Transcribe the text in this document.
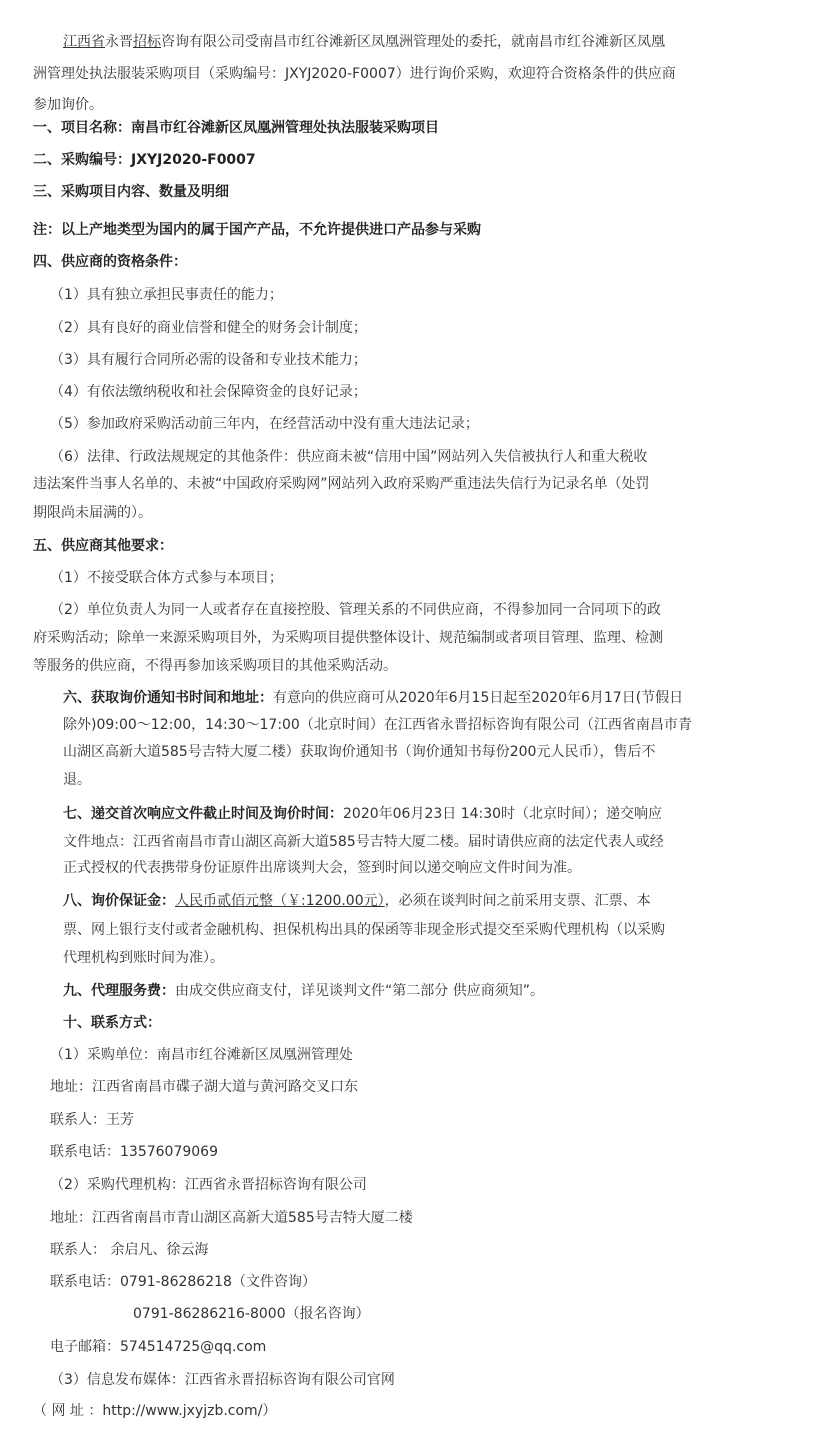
江西省永晋招标咨询有限公司受南昌市红谷滩新区凤凰洲管理处的委托，就南昌市红谷滩新区凤凰
洲管理处执法服装采购项目（采购编号：JXYJ2020-F0007）进行询价采购，欢迎符合资格条件的供应商
参加询价。
一、项目名称：南昌市红谷滩新区凤凰洲管理处执法服装采购项目
二、采购编号：JXYJ2020-F0007
三、采购项目内容、数量及明细
注：以上产地类型为国内的属于国产产品，不允许提供进口产品参与采购
四、供应商的资格条件：
（1）具有独立承担民事责任的能力；
（2）具有良好的商业信誉和健全的财务会计制度；
（3）具有履行合同所必需的设备和专业技术能力；
（4）有依法缴纳税收和社会保障资金的良好记录；
（5）参加政府采购活动前三年内，在经营活动中没有重大违法记录；
（6）法律、行政法规规定的其他条件：供应商未被“信用中国”网站列入失信被执行人和重大税收
违法案件当事人名单的、未被“中国政府采购网”网站列入政府采购严重违法失信行为记录名单（处罚
期限尚未届满的）。
五、供应商其他要求：
（1）不接受联合体方式参与本项目；
（2）单位负责人为同一人或者存在直接控股、管理关系的不同供应商，不得参加同一合同项下的政
府采购活动；除单一来源采购项目外，为采购项目提供整体设计、规范编制或者项目管理、监理、检测
等服务的供应商，不得再参加该采购项目的其他采购活动。
六、获取询价通知书时间和地址：有意向的供应商可从2020年6月15日起至2020年6月17日(节假日
除外)09:00～12:00，14:30～17:00（北京时间）在江西省永晋招标咨询有限公司（江西省南昌市青
山湖区高新大道585号吉特大厦二楼）获取询价通知书（询价通知书每份200元人民币），售后不
退。
七、递交首次响应文件截止时间及询价时间：2020年06月23日 14:30时（北京时间）；递交响应
文件地点：江西省南昌市青山湖区高新大道585号吉特大厦二楼。届时请供应商的法定代表人或经
正式授权的代表携带身份证原件出席谈判大会，签到时间以递交响应文件时间为准。
八、询价保证金：人民币贰佰元整（￥:1200.00元），必须在谈判时间之前采用支票、汇票、本
票、网上银行支付或者金融机构、担保机构出具的保函等非现金形式提交至采购代理机构（以采购
代理机构到账时间为准）。
九、代理服务费：由成交供应商支付，详见谈判文件“第二部分 供应商须知”。
十、联系方式：
（1）采购单位：南昌市红谷滩新区凤凰洲管理处
地址：江西省南昌市碟子湖大道与黄河路交叉口东
联系人：王芳
联系电话：13576079069
（2）采购代理机构：江西省永晋招标咨询有限公司
地址：江西省南昌市青山湖区高新大道585号吉特大厦二楼
联系人： 余启凡、徐云海
联系电话：0791-86286218（文件咨询）
0791-86286216-8000（报名咨询）
电子邮箱：574514725@qq.com
（3）信息发布媒体：江西省永晋招标咨询有限公司官网
（ 网 址 ：http://www.jxyjzb.com/）
